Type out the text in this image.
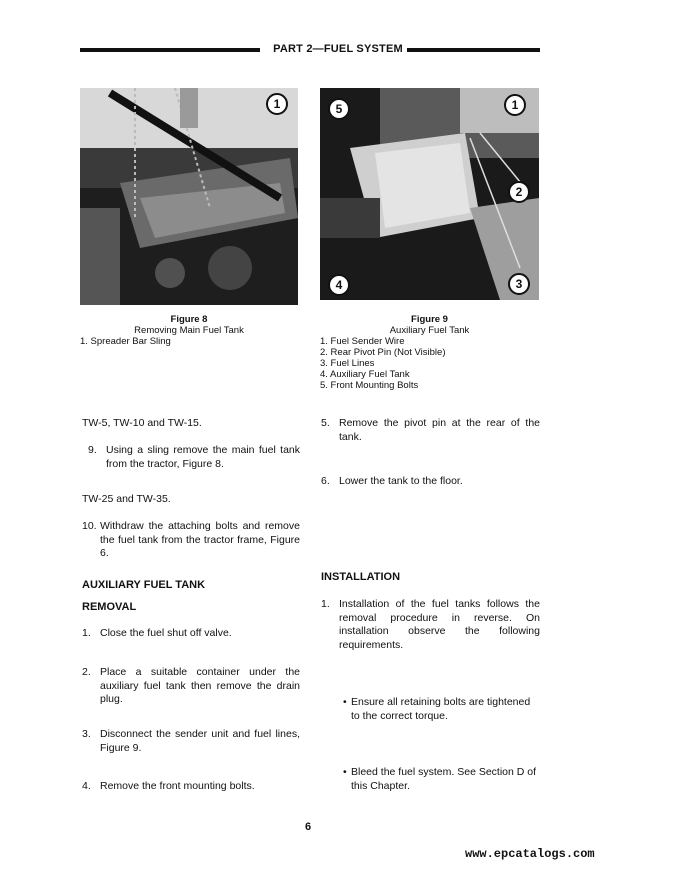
PART 2—FUEL SYSTEM
1	5	1
2
4	3
Figure 8
Removing Main Fuel Tank
1. Spreader Bar Sling
Figure 9
Auxiliary Fuel Tank
1. Fuel Sender Wire
2. Rear Pivot Pin (Not Visible)
3. Fuel Lines
4. Auxiliary Fuel Tank
5. Front Mounting Bolts
TW-5, TW-10 and TW-15.
9. Using a sling remove the main fuel tank from the tractor, Figure 8.
TW-25 and TW-35.
10. Withdraw the attaching bolts and remove the fuel tank from the tractor frame, Figure 6.
AUXILIARY FUEL TANK
REMOVAL
1. Close the fuel shut off valve.
2. Place a suitable container under the auxiliary fuel tank then remove the drain plug.
3. Disconnect the sender unit and fuel lines, Figure 9.
4. Remove the front mounting bolts.
5. Remove the pivot pin at the rear of the tank.
6. Lower the tank to the floor.
INSTALLATION
1. Installation of the fuel tanks follows the removal procedure in reverse. On installation observe the following requirements.
• Ensure all retaining bolts are tightened to the correct torque.
• Bleed the fuel system. See Section D of this Chapter.
6
www.epcatalogs.com
